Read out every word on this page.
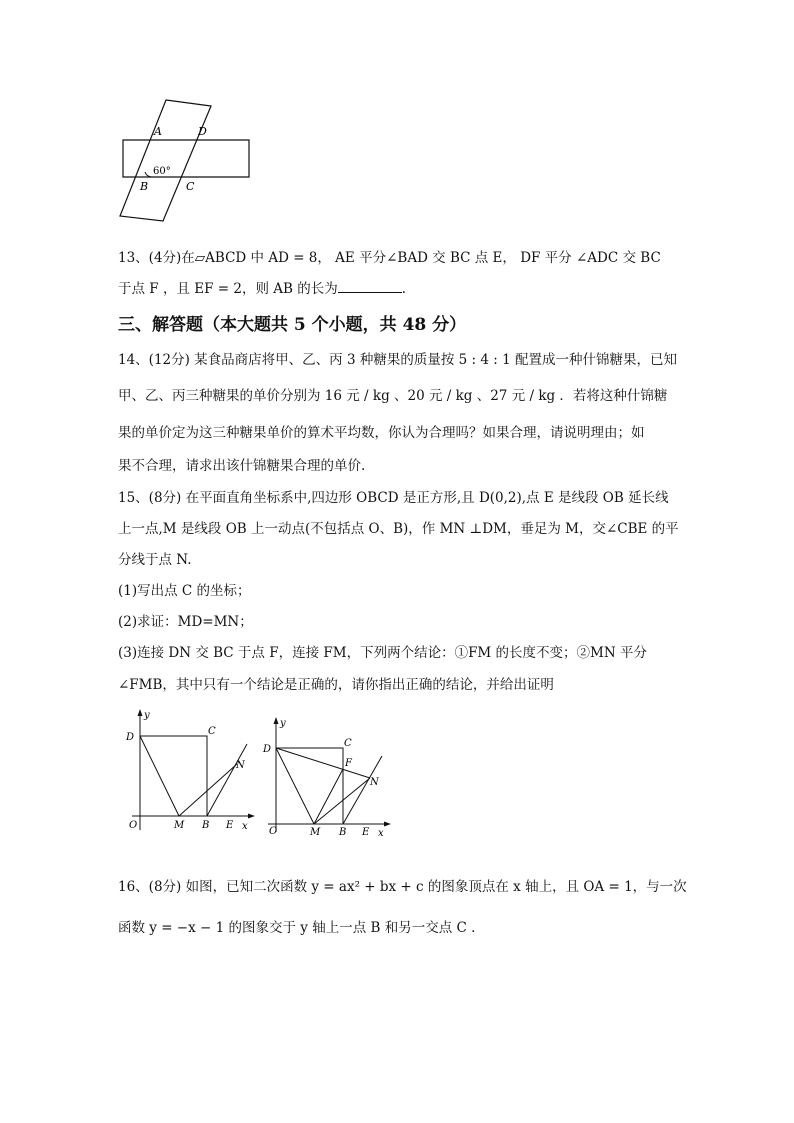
A	D
B	C
60°
13、(4分)在▱ABCD 中 AD = 8， AE 平分∠BAD 交 BC 点 E， DF 平分 ∠ADC 交 BC
于点 F ，且 EF = 2，则 AB 的长为	.
三、解答题（本大题共 5 个小题，共 48 分）
14、(12分) 某食品商店将甲、乙、丙 3 种糖果的质量按 5 : 4 : 1 配置成一种什锦糖果，已知
甲、乙、丙三种糖果的单价分别为 16 元 / kg 、20 元 / kg 、27 元 / kg ．若将这种什锦糖
果的单价定为这三种糖果单价的算术平均数，你认为合理吗？如果合理，请说明理由；如
果不合理，请求出该什锦糖果合理的单价.
15、(8分) 在平面直角坐标系中,四边形 OBCD 是正方形,且 D(0,2),点 E 是线段 OB 延长线
上一点,M 是线段 OB 上一动点(不包括点 O、B)，作 MN ⊥DM，垂足为 M，交∠CBE 的平
分线于点 N.
(1)写出点 C 的坐标；
(2)求证：MD=MN；
(3)连接 DN 交 BC 于点 F，连接 FM，下列两个结论：①FM 的长度不变；②MN 平分
∠FMB，其中只有一个结论是正确的，请你指出正确的结论，并给出证明
y
x
D
C
O	M B E
N
y
x
D
C
F
O	M B E
N
16、(8分) 如图，已知二次函数 y = ax² + bx + c 的图象顶点在 x 轴上，且 OA = 1，与一次
函数 y = −x − 1 的图象交于 y 轴上一点 B 和另一交点 C .
